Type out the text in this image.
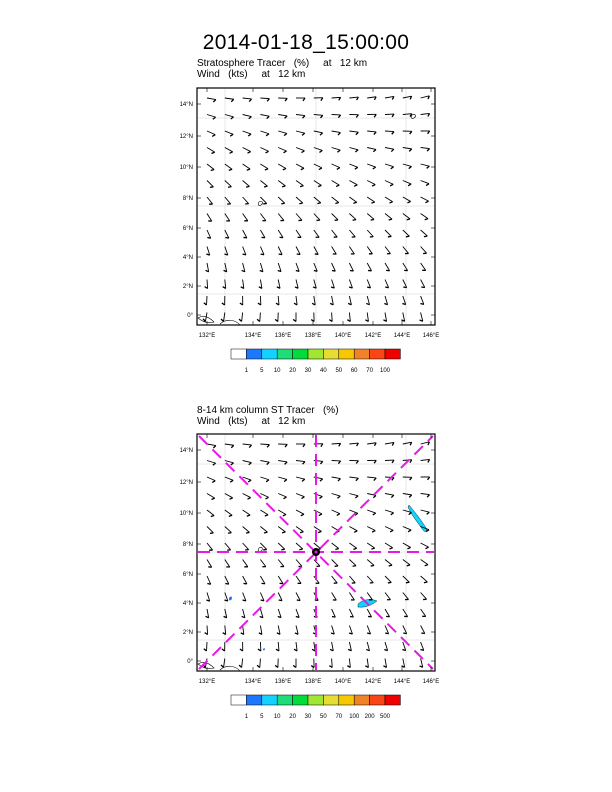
2014-01-18_15:00:00
Stratosphere Tracer   (%)     at   12 km
Wind   (kts)     at   12 km
8-14 km column ST Tracer   (%)
Wind   (kts)     at   12 km
14°N
12°N
10°N
8°N
6°N
4°N
2°N
0°
132°E	134°E 136°E 138°E 140°E 142°E 144°E 146°E
1 5 10 20 30 40 50 60 70 100
14°N
12°N
10°N
8°N
6°N
4°N
2°N
0°
132°E	134°E 136°E 138°E 140°E 142°E 144°E 146°E
1 5 10 20 30 50 70 100 200 500
